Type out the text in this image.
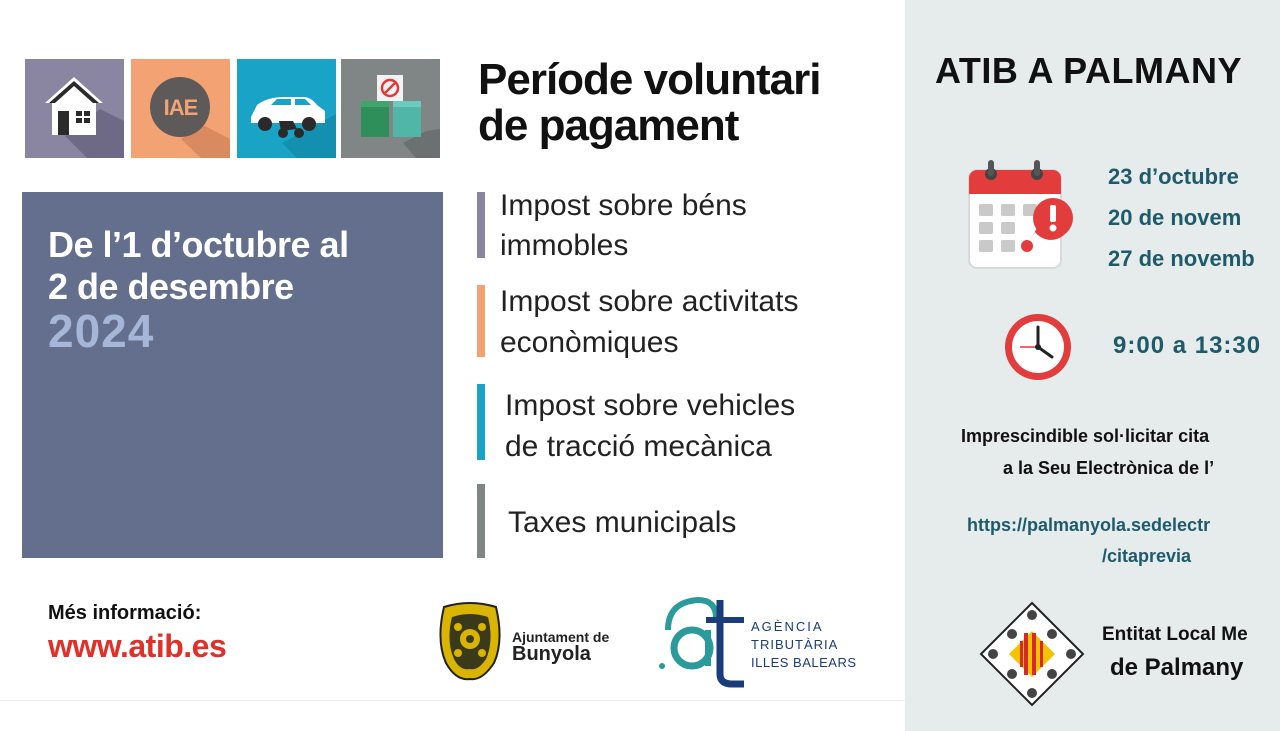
IAE
De l’1 d’octubre al
2 de desembre
2024
Període voluntari
de pagament
Impost sobre béns
immobles
Impost sobre activitats
econòmiques
Impost sobre vehicles
de tracció mecànica
Taxes municipals
Més informació:
www.atib.es	Ajuntament de
Bunyola
AGÈNCIA
TRIBUTÀRIA
ILLES BALEARS
ATIB A PALMANY
23 d’octubre
20 de novem
27 de novemb
9:00 a 13:30
Imprescindible sol·licitar cita
a la Seu Electrònica de l’
https://palmanyola.sedelectr
/citaprevia
Entitat Local Me
de Palmany
